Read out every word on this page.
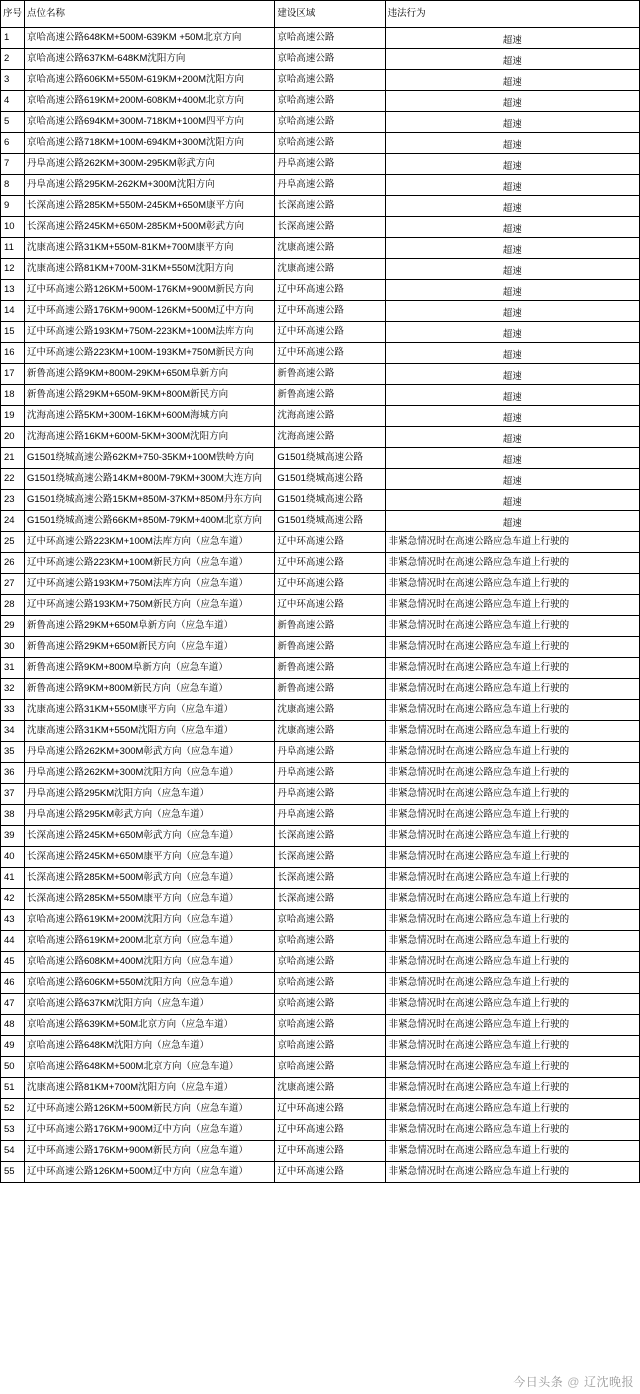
序号	点位名称	建设区域	违法行为
1	京哈高速公路648KM+500M-639KM +50M北京方向	京哈高速公路	超速
2	京哈高速公路637KM-648KM沈阳方向	京哈高速公路	超速
3	京哈高速公路606KM+550M-619KM+200M沈阳方向	京哈高速公路	超速
4	京哈高速公路619KM+200M-608KM+400M北京方向	京哈高速公路	超速
5	京哈高速公路694KM+300M-718KM+100M四平方向	京哈高速公路	超速
6	京哈高速公路718KM+100M-694KM+300M沈阳方向	京哈高速公路	超速
7	丹阜高速公路262KM+300M-295KM彰武方向	丹阜高速公路	超速
8	丹阜高速公路295KM-262KM+300M沈阳方向	丹阜高速公路	超速
9	长深高速公路285KM+550M-245KM+650M康平方向	长深高速公路	超速
10	长深高速公路245KM+650M-285KM+500M彰武方向	长深高速公路	超速
11	沈康高速公路31KM+550M-81KM+700M康平方向	沈康高速公路	超速
12	沈康高速公路81KM+700M-31KM+550M沈阳方向	沈康高速公路	超速
13	辽中环高速公路126KM+500M-176KM+900M新民方向	辽中环高速公路	超速
14	辽中环高速公路176KM+900M-126KM+500M辽中方向	辽中环高速公路	超速
15	辽中环高速公路193KM+750M-223KM+100M法库方向	辽中环高速公路	超速
16	辽中环高速公路223KM+100M-193KM+750M新民方向	辽中环高速公路	超速
17	新鲁高速公路9KM+800M-29KM+650M阜新方向	新鲁高速公路	超速
18	新鲁高速公路29KM+650M-9KM+800M新民方向	新鲁高速公路	超速
19	沈海高速公路5KM+300M-16KM+600M海城方向	沈海高速公路	超速
20	沈海高速公路16KM+600M-5KM+300M沈阳方向	沈海高速公路	超速
21	G1501绕城高速公路62KM+750-35KM+100M铁岭方向	G1501绕城高速公路	超速
22	G1501绕城高速公路14KM+800M-79KM+300M大连方向	G1501绕城高速公路	超速
23	G1501绕城高速公路15KM+850M-37KM+850M丹东方向	G1501绕城高速公路	超速
24	G1501绕城高速公路66KM+850M-79KM+400M北京方向	G1501绕城高速公路	超速
25	辽中环高速公路223KM+100M法库方向（应急车道）	辽中环高速公路	非紧急情况时在高速公路应急车道上行驶的
26	辽中环高速公路223KM+100M新民方向（应急车道）	辽中环高速公路	非紧急情况时在高速公路应急车道上行驶的
27	辽中环高速公路193KM+750M法库方向（应急车道）	辽中环高速公路	非紧急情况时在高速公路应急车道上行驶的
28	辽中环高速公路193KM+750M新民方向（应急车道）	辽中环高速公路	非紧急情况时在高速公路应急车道上行驶的
29	新鲁高速公路29KM+650M阜新方向（应急车道）	新鲁高速公路	非紧急情况时在高速公路应急车道上行驶的
30	新鲁高速公路29KM+650M新民方向（应急车道）	新鲁高速公路	非紧急情况时在高速公路应急车道上行驶的
31	新鲁高速公路9KM+800M阜新方向（应急车道）	新鲁高速公路	非紧急情况时在高速公路应急车道上行驶的
32	新鲁高速公路9KM+800M新民方向（应急车道）	新鲁高速公路	非紧急情况时在高速公路应急车道上行驶的
33	沈康高速公路31KM+550M康平方向（应急车道）	沈康高速公路	非紧急情况时在高速公路应急车道上行驶的
34	沈康高速公路31KM+550M沈阳方向（应急车道）	沈康高速公路	非紧急情况时在高速公路应急车道上行驶的
35	丹阜高速公路262KM+300M彰武方向（应急车道）	丹阜高速公路	非紧急情况时在高速公路应急车道上行驶的
36	丹阜高速公路262KM+300M沈阳方向（应急车道）	丹阜高速公路	非紧急情况时在高速公路应急车道上行驶的
37	丹阜高速公路295KM沈阳方向（应急车道）	丹阜高速公路	非紧急情况时在高速公路应急车道上行驶的
38	丹阜高速公路295KM彰武方向（应急车道）	丹阜高速公路	非紧急情况时在高速公路应急车道上行驶的
39	长深高速公路245KM+650M彰武方向（应急车道）	长深高速公路	非紧急情况时在高速公路应急车道上行驶的
40	长深高速公路245KM+650M康平方向（应急车道）	长深高速公路	非紧急情况时在高速公路应急车道上行驶的
41	长深高速公路285KM+500M彰武方向（应急车道）	长深高速公路	非紧急情况时在高速公路应急车道上行驶的
42	长深高速公路285KM+550M康平方向（应急车道）	长深高速公路	非紧急情况时在高速公路应急车道上行驶的
43	京哈高速公路619KM+200M沈阳方向（应急车道）	京哈高速公路	非紧急情况时在高速公路应急车道上行驶的
44	京哈高速公路619KM+200M北京方向（应急车道）	京哈高速公路	非紧急情况时在高速公路应急车道上行驶的
45	京哈高速公路608KM+400M沈阳方向（应急车道）	京哈高速公路	非紧急情况时在高速公路应急车道上行驶的
46	京哈高速公路606KM+550M沈阳方向（应急车道）	京哈高速公路	非紧急情况时在高速公路应急车道上行驶的
47	京哈高速公路637KM沈阳方向（应急车道）	京哈高速公路	非紧急情况时在高速公路应急车道上行驶的
48	京哈高速公路639KM+50M北京方向（应急车道）	京哈高速公路	非紧急情况时在高速公路应急车道上行驶的
49	京哈高速公路648KM沈阳方向（应急车道）	京哈高速公路	非紧急情况时在高速公路应急车道上行驶的
50	京哈高速公路648KM+500M北京方向（应急车道）	京哈高速公路	非紧急情况时在高速公路应急车道上行驶的
51	沈康高速公路81KM+700M沈阳方向（应急车道）	沈康高速公路	非紧急情况时在高速公路应急车道上行驶的
52	辽中环高速公路126KM+500M新民方向（应急车道）	辽中环高速公路	非紧急情况时在高速公路应急车道上行驶的
53	辽中环高速公路176KM+900M辽中方向（应急车道）	辽中环高速公路	非紧急情况时在高速公路应急车道上行驶的
54	辽中环高速公路176KM+900M新民方向（应急车道）	辽中环高速公路	非紧急情况时在高速公路应急车道上行驶的
55	辽中环高速公路126KM+500M辽中方向（应急车道）	辽中环高速公路	非紧急情况时在高速公路应急车道上行驶的
今日头条 @ 辽沈晚报
